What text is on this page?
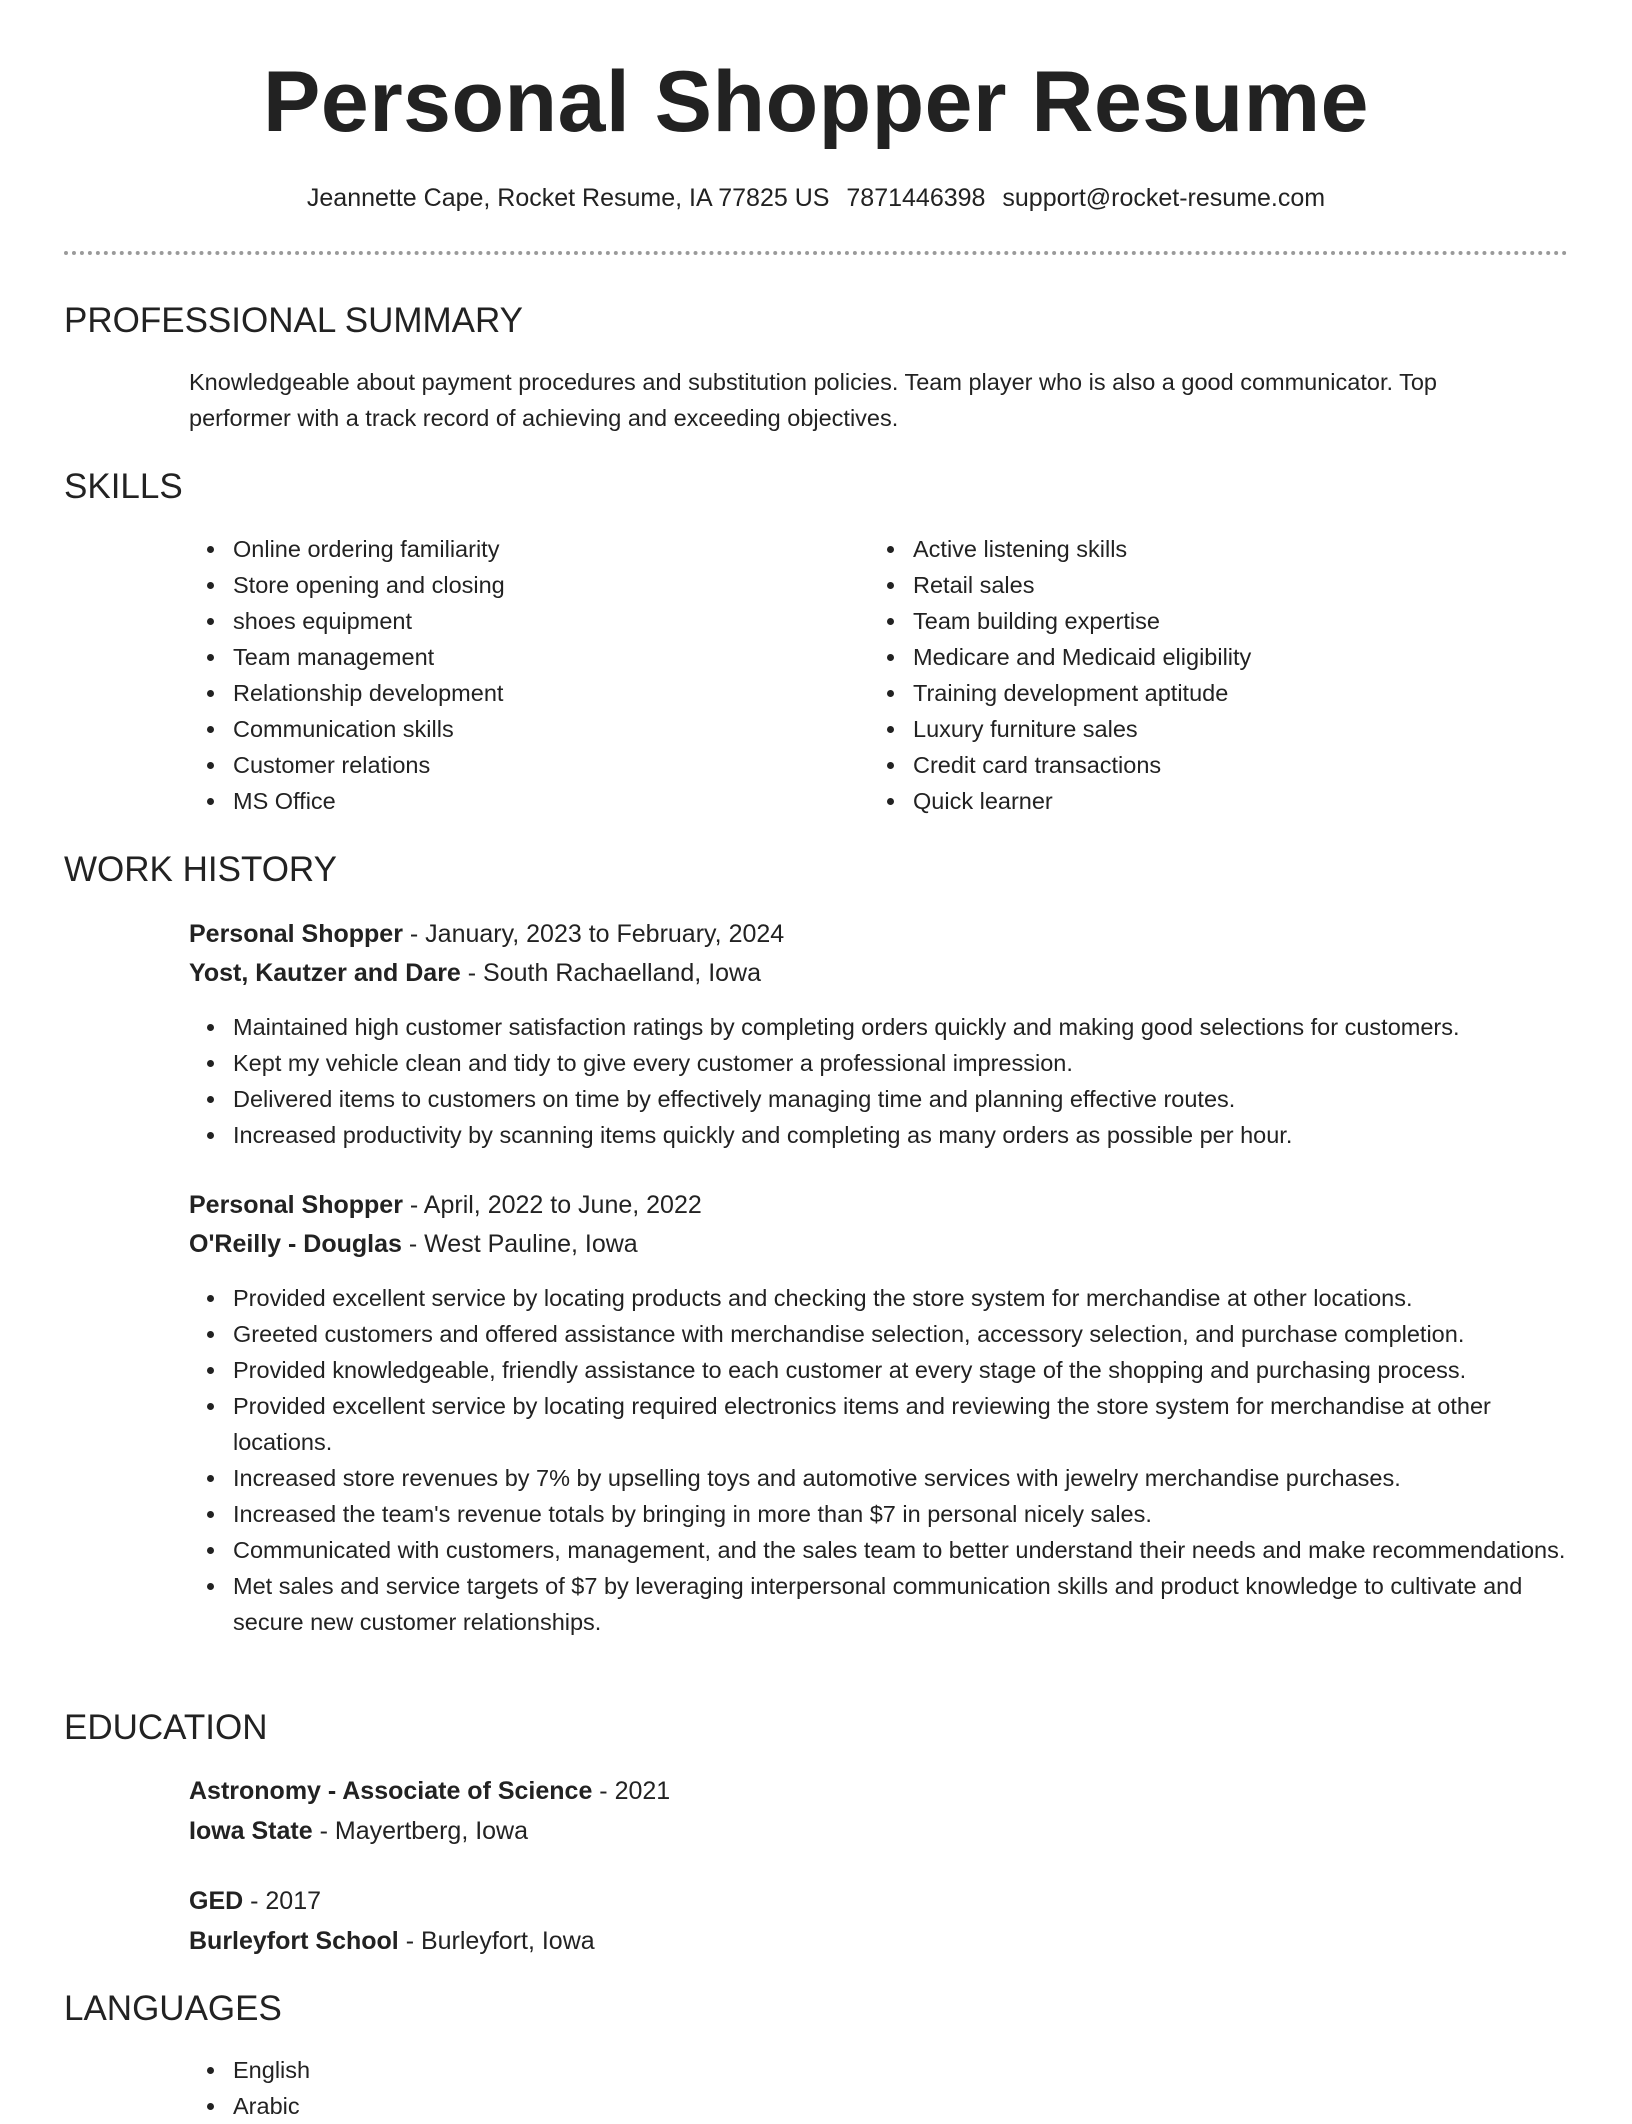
Personal Shopper Resume
Jeannette Cape, Rocket Resume, IA 77825 US 7871446398 support@rocket-resume.com
PROFESSIONAL SUMMARY
Knowledgeable about payment procedures and substitution policies. Team player who is also a good communicator. Top
performer with a track record of achieving and exceeding objectives.
SKILLS
Online ordering familiarity
Store opening and closing
shoes equipment
Team management
Relationship development
Communication skills
Customer relations
MS Office
Active listening skills
Retail sales
Team building expertise
Medicare and Medicaid eligibility
Training development aptitude
Luxury furniture sales
Credit card transactions
Quick learner
WORK HISTORY
Personal Shopper - January, 2023 to February, 2024
Yost, Kautzer and Dare - South Rachaelland, Iowa
Maintained high customer satisfaction ratings by completing orders quickly and making good selections for customers.
Kept my vehicle clean and tidy to give every customer a professional impression.
Delivered items to customers on time by effectively managing time and planning effective routes.
Increased productivity by scanning items quickly and completing as many orders as possible per hour.
Personal Shopper - April, 2022 to June, 2022
O'Reilly - Douglas - West Pauline, Iowa
Provided excellent service by locating products and checking the store system for merchandise at other locations.
Greeted customers and offered assistance with merchandise selection, accessory selection, and purchase completion.
Provided knowledgeable, friendly assistance to each customer at every stage of the shopping and purchasing process.
Provided excellent service by locating required electronics items and reviewing the store system for merchandise at other locations.
Increased store revenues by 7% by upselling toys and automotive services with jewelry merchandise purchases.
Increased the team's revenue totals by bringing in more than $7 in personal nicely sales.
Communicated with customers, management, and the sales team to better understand their needs and make recommendations.
Met sales and service targets of $7 by leveraging interpersonal communication skills and product knowledge to cultivate and secure new customer relationships.
EDUCATION
Astronomy - Associate of Science - 2021
Iowa State - Mayertberg, Iowa
GED - 2017
Burleyfort School - Burleyfort, Iowa
LANGUAGES
English
Arabic
